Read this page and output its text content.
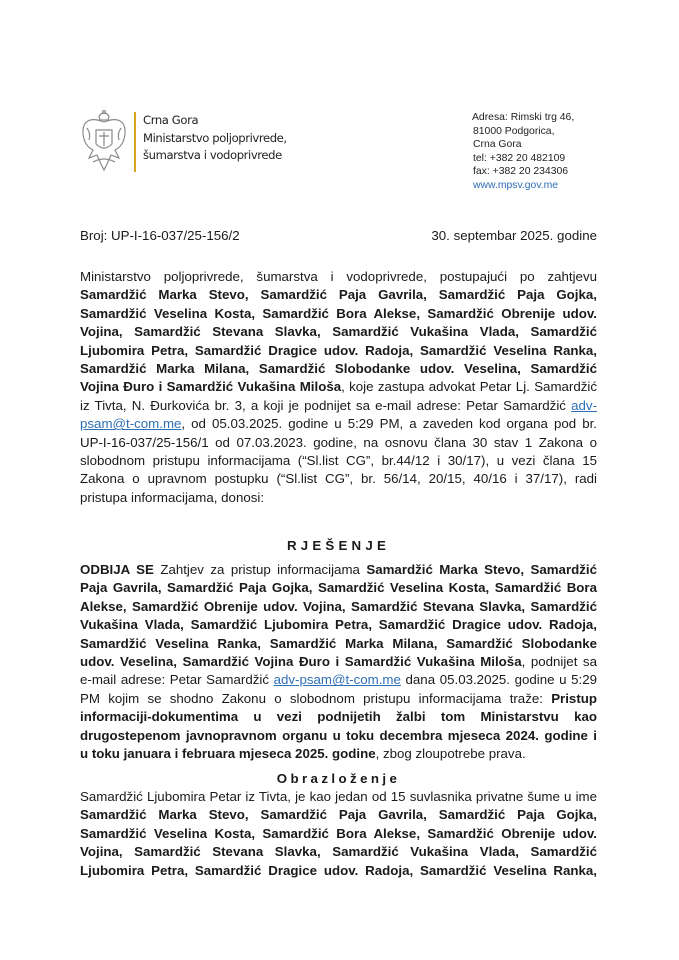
Crna Gora
Ministarstvo poljoprivrede,
šumarstva i vodoprivrede
Adresa: Rimski trg 46,
81000 Podgorica,
Crna Gora
tel: +382 20 482109
fax: +382 20 234306
www.mpsv.gov.me
Broj: UP-I-16-037/25-156/2	30. septembar 2025. godine
Ministarstvo poljoprivrede, šumarstva i vodoprivrede, postupajući po zahtjevu
Samardžić Marka Stevo, Samardžić Paja Gavrila, Samardžić Paja Gojka,
Samardžić Veselina Kosta, Samardžić Bora Alekse, Samardžić Obrenije udov.
Vojina, Samardžić Stevana Slavka, Samardžić Vukašina Vlada, Samardžić
Ljubomira Petra, Samardžić Dragice udov. Radoja, Samardžić Veselina Ranka,
Samardžić Marka Milana, Samardžić Slobodanke udov. Veselina, Samardžić
Vojina Đuro i Samardžić Vukašina Miloša, koje zastupa advokat Petar Lj. Samardžić
iz Tivta, N. Đurkovića br. 3, a koji je podnijet sa e-mail adrese: Petar Samardžić adv-
psam@t-com.me, od 05.03.2025. godine u 5:29 PM, a zaveden kod organa pod br.
UP-I-16-037/25-156/1 od 07.03.2023. godine, na osnovu člana 30 stav 1 Zakona o
slobodnom pristupu informacijama (“Sl.list CG”, br.44/12 i 30/17), u vezi člana 15
Zakona o upravnom postupku (“Sl.list CG”, br. 56/14, 20/15, 40/16 i 37/17), radi
pristupa informacijama, donosi:
RJEŠENJE
ODBIJA SE Zahtjev za pristup informacijama Samardžić Marka Stevo, Samardžić
Paja Gavrila, Samardžić Paja Gojka, Samardžić Veselina Kosta, Samardžić Bora
Alekse, Samardžić Obrenije udov. Vojina, Samardžić Stevana Slavka, Samardžić
Vukašina Vlada, Samardžić Ljubomira Petra, Samardžić Dragice udov. Radoja,
Samardžić Veselina Ranka, Samardžić Marka Milana, Samardžić Slobodanke
udov. Veselina, Samardžić Vojina Đuro i Samardžić Vukašina Miloša, podnijet sa
e-mail adrese: Petar Samardžić adv-psam@t-com.me dana 05.03.2025. godine u 5:29
PM kojim se shodno Zakonu o slobodnom pristupu informacijama traže: Pristup
informaciji-dokumentima u vezi podnijetih žalbi tom Ministarstvu kao
drugostepenom javnopravnom organu u toku decembra mjeseca 2024. godine i
u toku januara i februara mjeseca 2025. godine, zbog zloupotrebe prava.
Obrazloženje
Samardžić Ljubomira Petar iz Tivta, je kao jedan od 15 suvlasnika privatne šume u ime
Samardžić Marka Stevo, Samardžić Paja Gavrila, Samardžić Paja Gojka,
Samardžić Veselina Kosta, Samardžić Bora Alekse, Samardžić Obrenije udov.
Vojina, Samardžić Stevana Slavka, Samardžić Vukašina Vlada, Samardžić
Ljubomira Petra, Samardžić Dragice udov. Radoja, Samardžić Veselina Ranka,
